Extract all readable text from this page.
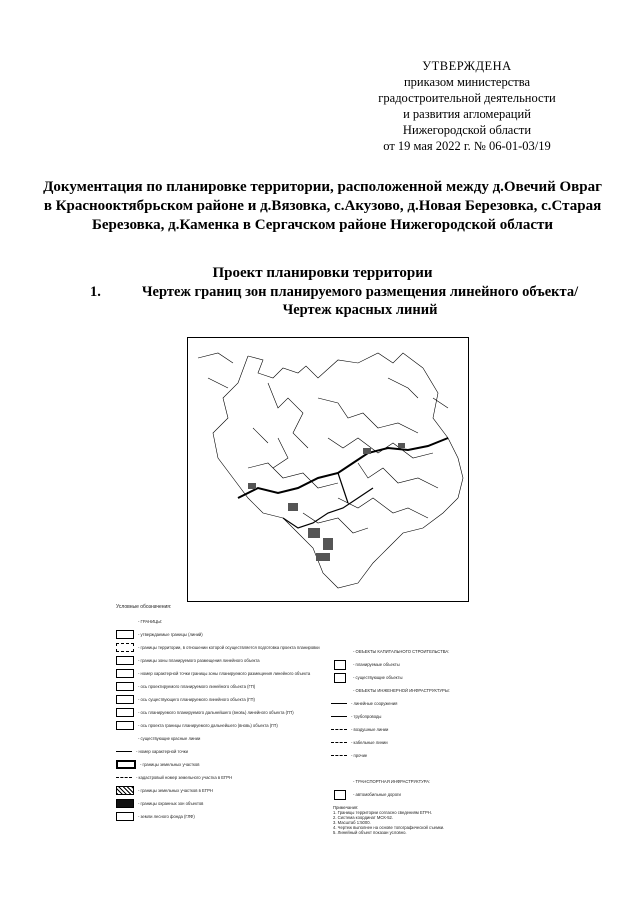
УТВЕРЖДЕНА
приказом министерства
градостроительной деятельности
и развития агломераций
Нижегородской области
от 19 мая 2022 г. № 06-01-03/19
Документация по планировке территории, расположенной между д.Овечий Овраг в Краснооктябрьском районе и д.Вязовка, с.Акузово, д.Новая Березовка, с.Старая Березовка, д.Каменка в Сергачском районе Нижегородской области
Проект планировки территории
1.	Чертеж границ зон планируемого размещения линейного объекта/ Чертеж красных линий
Условные обозначения:
- ГРАНИЦЫ:
- утверждаемые границы (линий)
- границы территории, в отношении которой осуществляется подготовка проекта планировки
- границы зоны планируемого размещения линейного объекта
- номер характерной точки границы зоны планируемого размещения линейного объекта
- ось проектируемого планируемого линейного объекта (ГП)
- ось существующего планируемого линейного объекта (ГП)
- ось планируемого планируемого дальнейшего (вновь) линейного объекта (ГП)
- ось проекта границы планируемого дальнейшего (вновь) объекта (ГП)
- существующие красные линии
- номер характерной точки
- границы земельных участков
- кадастровый номер земельного участка в ЕГРН
- границы земельных участков в ЕГРН
- границы охранных зон объектов
- земли лесного фонда (ГЛФ)
- ОБЪЕКТЫ КАПИТАЛЬНОГО СТРОИТЕЛЬСТВА:
- планируемые объекты
- существующие объекты
- ОБЪЕКТЫ ИНЖЕНЕРНОЙ ИНФРАСТРУКТУРЫ:
- линейные сооружения
- трубопроводы
- воздушные линии
- кабельные линии
- прочие
- ТРАНСПОРТНАЯ ИНФРАСТРУКТУРА:
- автомобильные дороги
Примечания:
1. Границы территории согласно сведениям ЕГРН.
2. Система координат МСК-52.
3. Масштаб 1:5000.
4. Чертеж выполнен на основе топографической съемки.
5. Линейный объект показан условно.
